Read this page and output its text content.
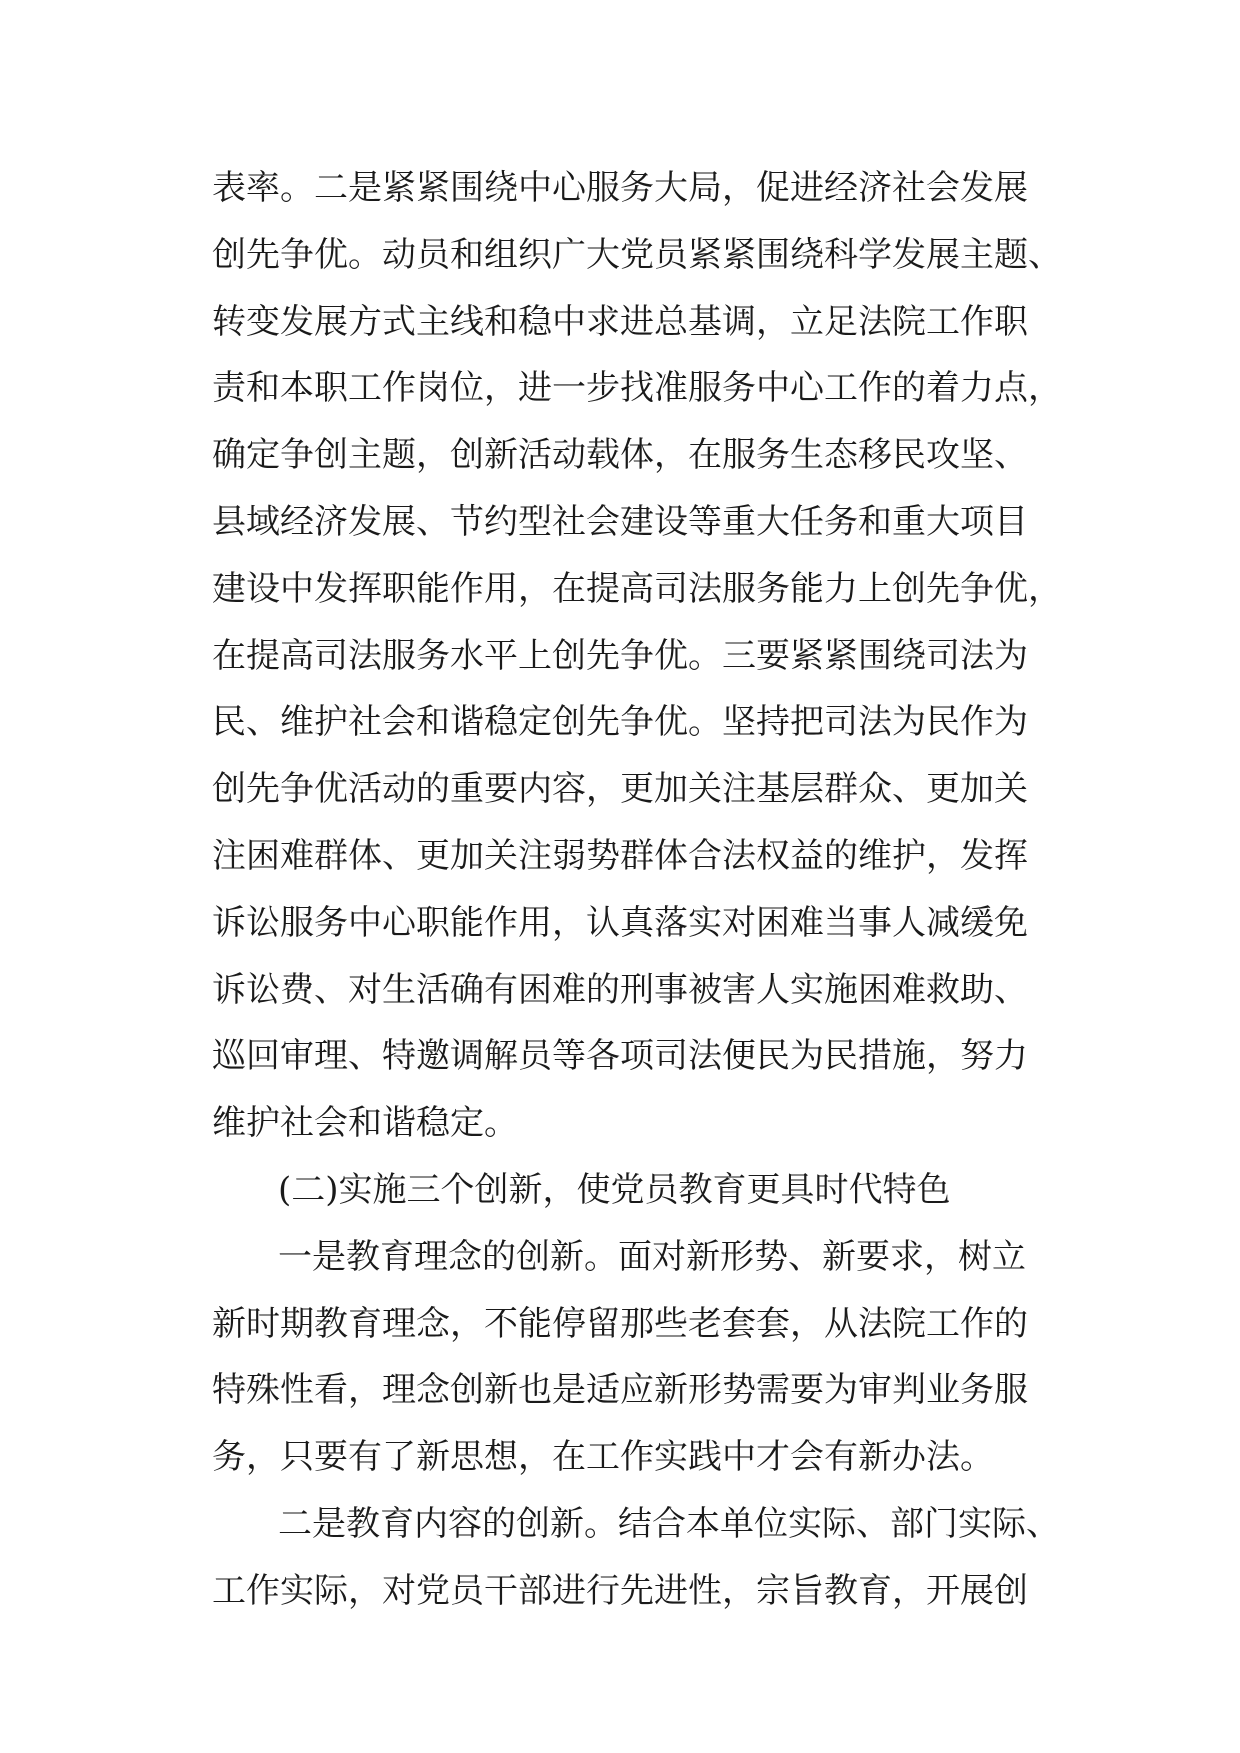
表率。二是紧紧围绕中心服务大局，促进经济社会发展
创先争优。动员和组织广大党员紧紧围绕科学发展主题、
转变发展方式主线和稳中求进总基调，立足法院工作职
责和本职工作岗位，进一步找准服务中心工作的着力点，
确定争创主题，创新活动载体，在服务生态移民攻坚、
县域经济发展、节约型社会建设等重大任务和重大项目
建设中发挥职能作用，在提高司法服务能力上创先争优，
在提高司法服务水平上创先争优。三要紧紧围绕司法为
民、维护社会和谐稳定创先争优。坚持把司法为民作为
创先争优活动的重要内容，更加关注基层群众、更加关
注困难群体、更加关注弱势群体合法权益的维护，发挥
诉讼服务中心职能作用，认真落实对困难当事人减缓免
诉讼费、对生活确有困难的刑事被害人实施困难救助、
巡回审理、特邀调解员等各项司法便民为民措施，努力
维护社会和谐稳定。
(二)实施三个创新，使党员教育更具时代特色
一是教育理念的创新。面对新形势、新要求，树立
新时期教育理念，不能停留那些老套套，从法院工作的
特殊性看，理念创新也是适应新形势需要为审判业务服
务，只要有了新思想，在工作实践中才会有新办法。
二是教育内容的创新。结合本单位实际、部门实际、
工作实际，对党员干部进行先进性，宗旨教育，开展创
